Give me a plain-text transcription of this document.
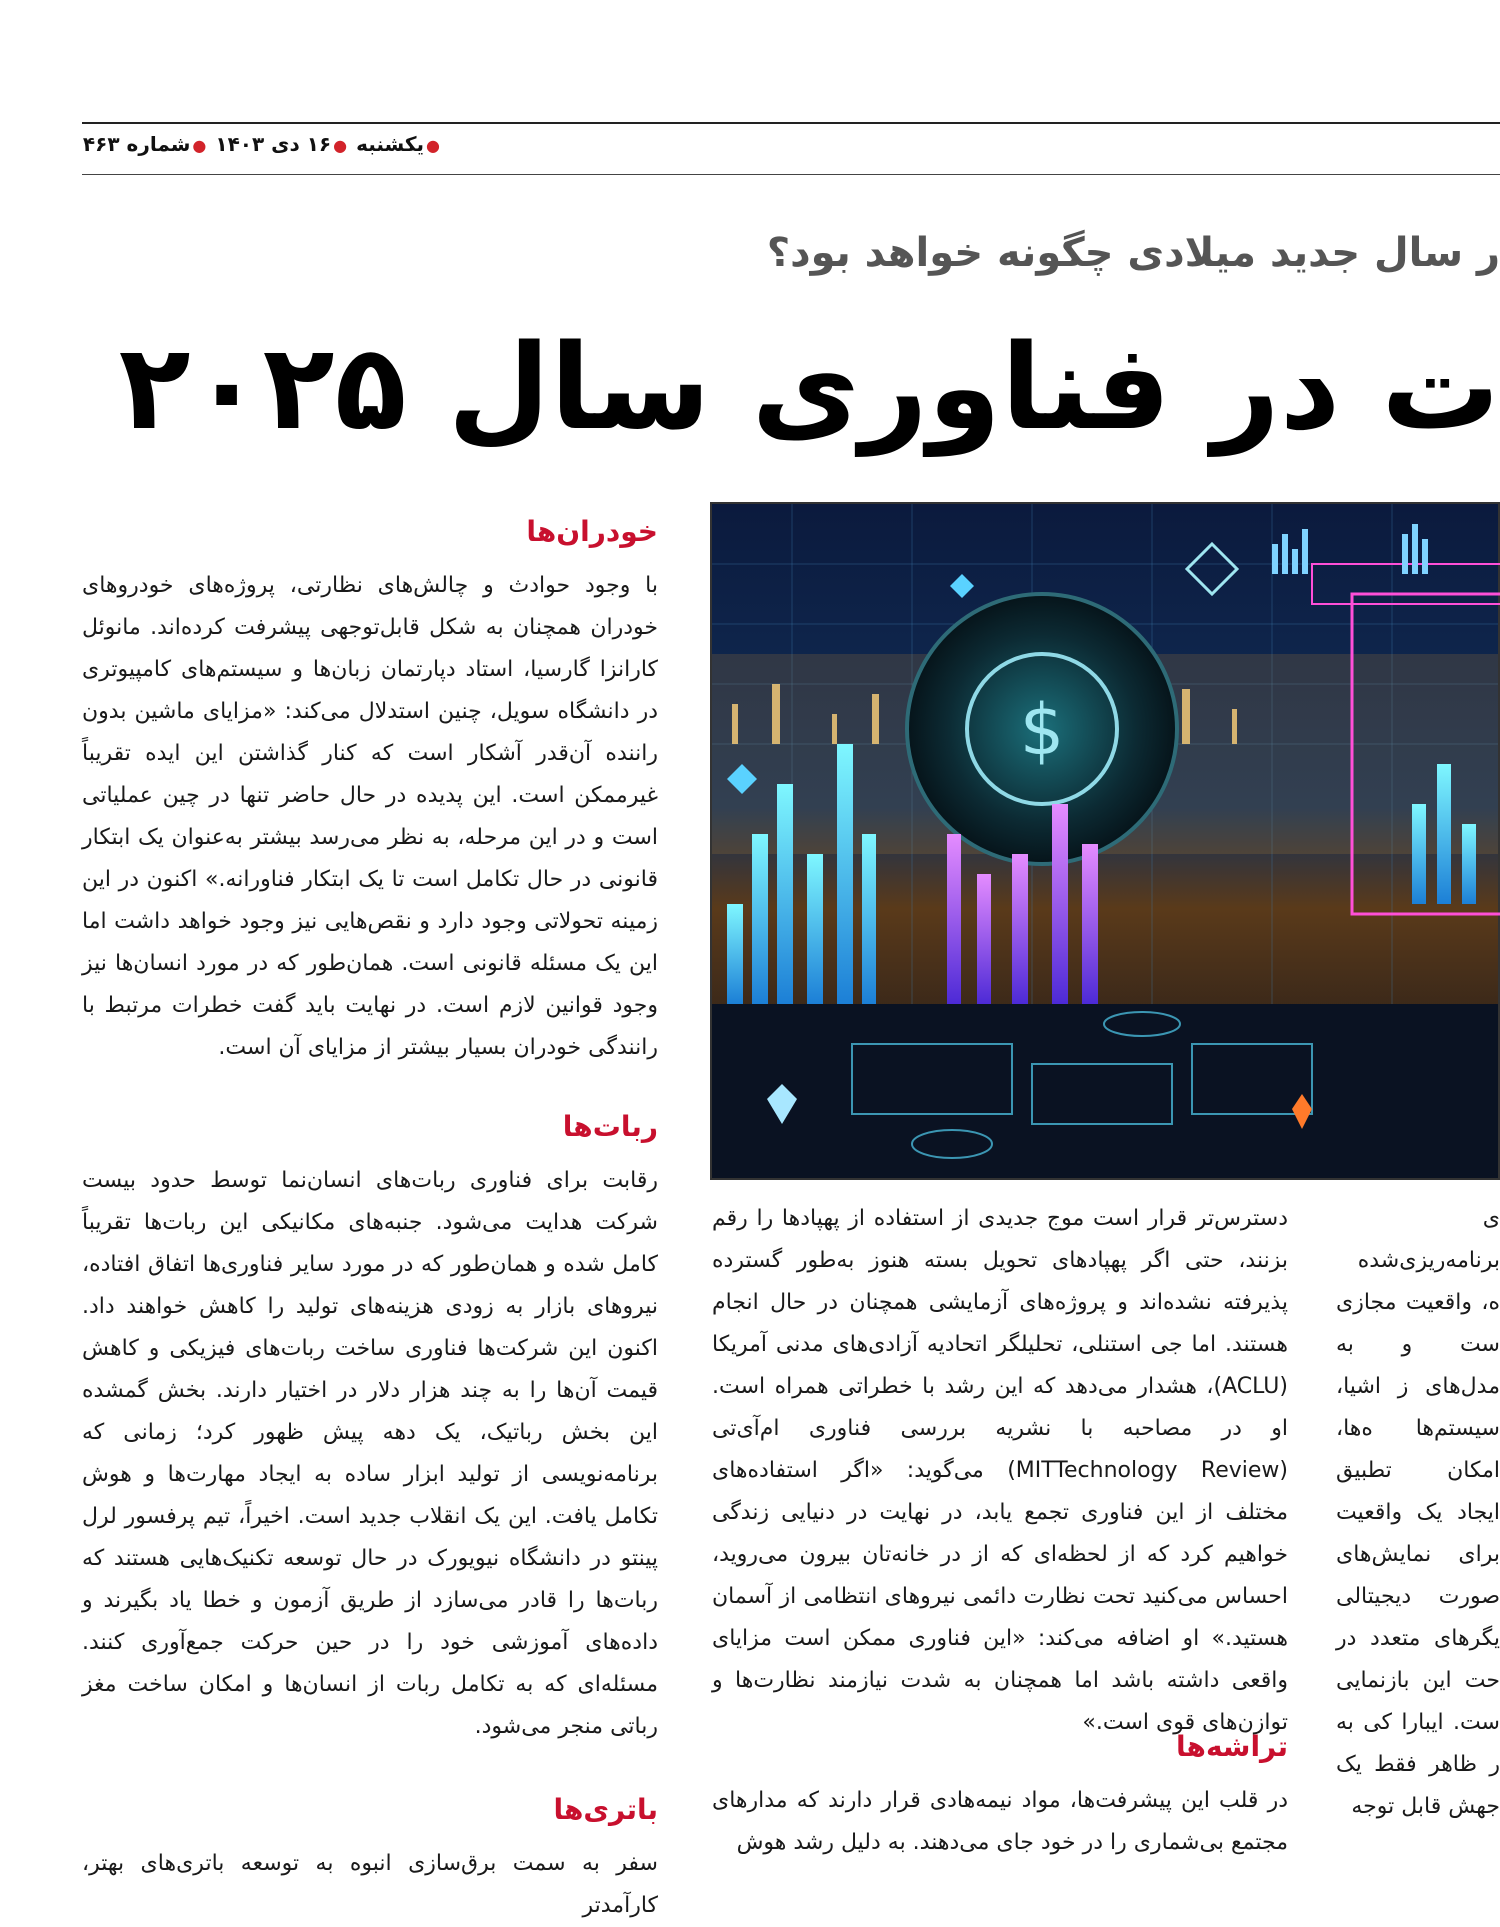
●یکشنبه ●۱۶ دی ۱۴۰۳ ●شماره ۴۶۳
ر سال جدید میلادی چگونه خواهد بود؟
ت در فناوری سال ۲۰۲۵
$
خودران‌ها
با وجود حوادث و چالش‌های نظارتی، پروژه‌های خودروهای خودران همچنان به شکل قابل‌توجهی پیشرفت کرده‌اند. مانوئل کارانزا گارسیا، استاد دپارتمان زبان‌ها و سیستم‌های کامپیوتری در دانشگاه سویل، چنین استدلال می‌کند: «مزایای ماشین بدون راننده آن‌قدر آشکار است که کنار گذاشتن این ایده تقریباً غیرممکن است. این پدیده در حال حاضر تنها در چین عملیاتی است و در این مرحله، به نظر می‌رسد بیشتر به‌عنوان یک ابتکار قانونی در حال تکامل است تا یک ابتکار فناورانه.» اکنون در این زمینه تحولاتی وجود دارد و نقص‌هایی نیز وجود خواهد داشت اما این یک مسئله قانونی است. همان‌طور که در مورد انسان‌ها نیز وجود قوانین لازم است. در نهایت باید گفت خطرات مرتبط با رانندگی خودران بسیار بیشتر از مزایای آن است.
ربات‌ها
رقابت برای فناوری ربات‌های انسان‌نما توسط حدود بیست شرکت هدایت می‌شود. جنبه‌های مکانیکی این ربات‌ها تقریباً کامل شده و همان‌طور که در مورد سایر فناوری‌ها اتفاق افتاده، نیروهای بازار به زودی هزینه‌های تولید را کاهش خواهند داد. اکنون این شرکت‌ها فناوری ساخت ربات‌های فیزیکی و کاهش قیمت آن‌ها را به چند هزار دلار در اختیار دارند. بخش گمشده این بخش رباتیک، یک دهه پیش ظهور کرد؛ زمانی که برنامه‌نویسی از تولید ابزار ساده به ایجاد مهارت‌ها و هوش تکامل یافت. این یک انقلاب جدید است. اخیراً، تیم پرفسور لرل پینتو در دانشگاه نیویورک در حال توسعه تکنیک‌هایی هستند که ربات‌ها را قادر می‌سازد از طریق آزمون و خطا یاد بگیرند و داده‌های آموزشی خود را در حین حرکت جمع‌آوری کنند. مسئله‌ای که به تکامل ربات از انسان‌ها و امکان ساخت مغز رباتی منجر می‌شود.
باتری‌ها
سفر به سمت برق‌سازی انبوه به توسعه باتری‌های بهتر، کارآمدتر
دسترس‌تر قرار است موج جدیدی از استفاده از پهپادها را رقم بزنند، حتی اگر پهپادهای تحویل بسته هنوز به‌طور گسترده پذیرفته نشده‌اند و پروژه‌های آزمایشی همچنان در حال انجام هستند. اما جی استنلی، تحلیلگر اتحادیه آزادی‌های مدنی آمریکا (ACLU)، هشدار می‌دهد که این رشد با خطراتی همراه است. او در مصاحبه با نشریه بررسی فناوری ام‌آی‌تی (MITTechnology Review) می‌گوید: «اگر استفاده‌های مختلف از این فناوری تجمع یابد، در نهایت در دنیایی زندگی خواهیم کرد که از لحظه‌ای که از در خانه‌تان بیرون می‌روید، احساس می‌کنید تحت نظارت دائمی نیروهای انتظامی از آسمان هستید.» او اضافه می‌کند: «این فناوری ممکن است مزایای واقعی داشته باشد اما همچنان به شدت نیازمند نظارت‌ها و توازن‌های قوی است.»
تراشه‌ها
در قلب این پیشرفت‌ها، مواد نیمه‌هادی قرار دارند که مدارهای مجتمع بی‌شماری را در خود جای می‌دهند. به دلیل رشد هوش
ی برنامه‌ریزی‌شده ه، واقعیت مجازی ست و به مدل‌های ز اشیا، سیستم‌ها ه‌ها، امکان تطبیق ایجاد یک واقعیت برای نمایش‌های صورت دیجیتالی یگرهای متعدد در حت این بازنمایی ست. ایبارا کی به ر ظاهر فقط یک جهش قابل توجه
